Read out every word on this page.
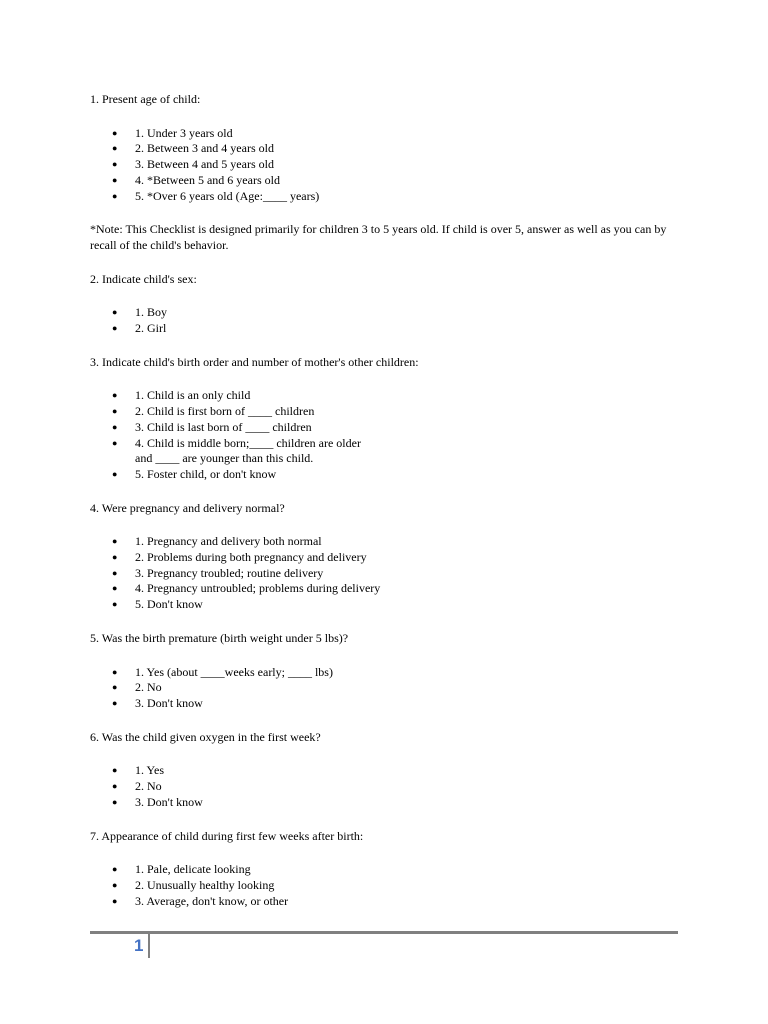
1. Present age of child:

● 1. Under 3 years old
● 2. Between 3 and 4 years old
● 3. Between 4 and 5 years old
● 4. *Between 5 and 6 years old
● 5. *Over 6 years old (Age:____ years)

*Note: This Checklist is designed primarily for children 3 to 5 years old. If child is over 5, answer as well as you can by recall of the child's behavior.

2. Indicate child's sex:

● 1. Boy
● 2. Girl

3. Indicate child's birth order and number of mother's other children:

● 1. Child is an only child
● 2. Child is first born of ____ children
● 3. Child is last born of ____ children
● 4. Child is middle born;____ children are older
and ____ are younger than this child.
● 5. Foster child, or don't know

4. Were pregnancy and delivery normal?

● 1. Pregnancy and delivery both normal
● 2. Problems during both pregnancy and delivery
● 3. Pregnancy troubled; routine delivery
● 4. Pregnancy untroubled; problems during delivery
● 5. Don't know

5. Was the birth premature (birth weight under 5 lbs)?

● 1. Yes (about ____weeks early; ____ lbs)
● 2. No
● 3. Don't know

6. Was the child given oxygen in the first week?

● 1. Yes
● 2. No
● 3. Don't know

7. Appearance of child during first few weeks after birth:

● 1. Pale, delicate looking
● 2. Unusually healthy looking
● 3. Average, don't know, or other
1
